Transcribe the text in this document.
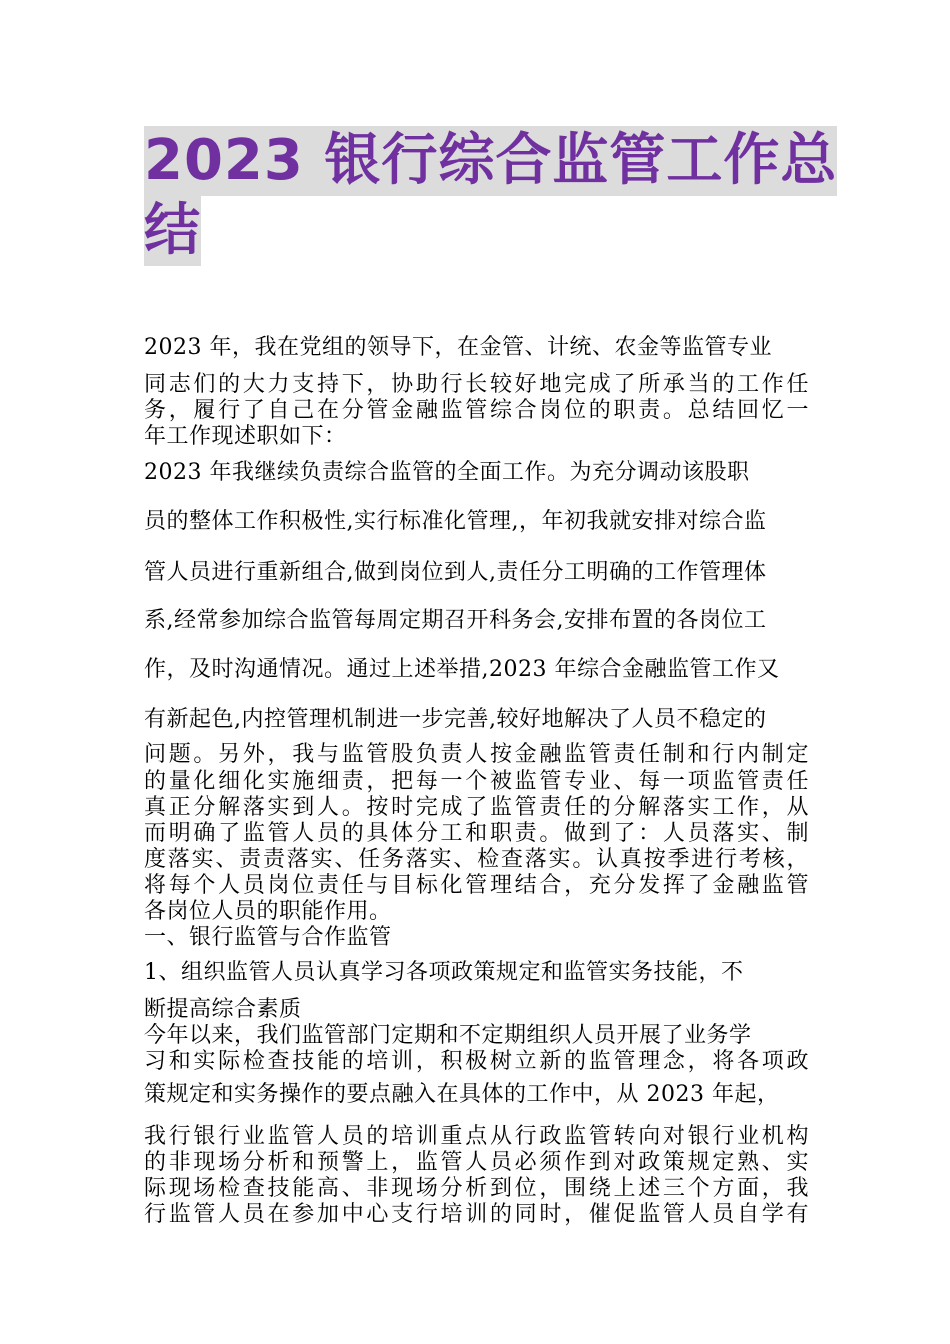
2023 银行综合监管工作总
结
2023 年，我在党组的领导下，在金管、计统、农金等监管专业
同志们的大力支持下，协助行长较好地完成了所承当的工作任
务，履行了自己在分管金融监管综合岗位的职责。总结回忆一
年工作现述职如下：
2023 年我继续负责综合监管的全面工作。为充分调动该股职
员的整体工作积极性,实行标准化管理,，年初我就安排对综合监
管人员进行重新组合,做到岗位到人,责任分工明确的工作管理体
系,经常参加综合监管每周定期召开科务会,安排布置的各岗位工
作，及时沟通情况。通过上述举措,2023 年综合金融监管工作又
有新起色,内控管理机制进一步完善,较好地解决了人员不稳定的
问题。另外，我与监管股负责人按金融监管责任制和行内制定
的量化细化实施细责，把每一个被监管专业、每一项监管责任
真正分解落实到人。按时完成了监管责任的分解落实工作，从
而明确了监管人员的具体分工和职责。做到了：人员落实、制
度落实、责责落实、任务落实、检查落实。认真按季进行考核，
将每个人员岗位责任与目标化管理结合，充分发挥了金融监管
各岗位人员的职能作用。
一、银行监管与合作监管
1、组织监管人员认真学习各项政策规定和监管实务技能，不
断提高综合素质
今年以来，我们监管部门定期和不定期组织人员开展了业务学
习和实际检查技能的培训，积极树立新的监管理念，将各项政
策规定和实务操作的要点融入在具体的工作中，从 2023 年起，
我行银行业监管人员的培训重点从行政监管转向对银行业机构
的非现场分析和预警上，监管人员必须作到对政策规定熟、实
际现场检查技能高、非现场分析到位，围绕上述三个方面，我
行监管人员在参加中心支行培训的同时，催促监管人员自学有
